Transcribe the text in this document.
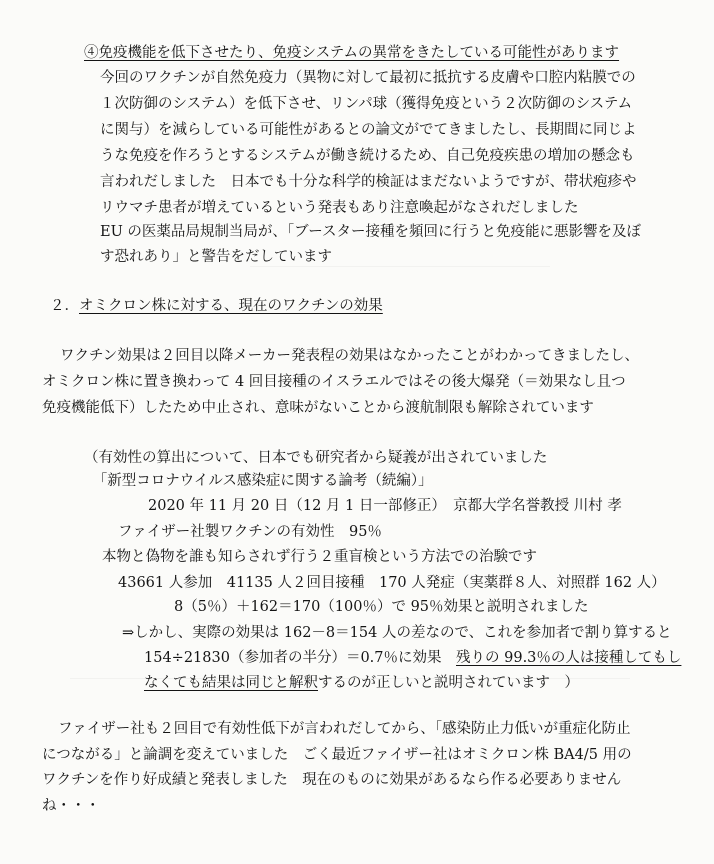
④免疫機能を低下させたり、免疫システムの異常をきたしている可能性があります
今回のワクチンが自然免疫力（異物に対して最初に抵抗する皮膚や口腔内粘膜での
１次防御のシステム）を低下させ、リンパ球（獲得免疫という２次防御のシステム
に関与）を減らしている可能性があるとの論文がでてきましたし、長期間に同じよ
うな免疫を作ろうとするシステムが働き続けるため、自己免疫疾患の増加の懸念も
言われだしました　日本でも十分な科学的検証はまだないようですが、帯状疱疹や
リウマチ患者が増えているという発表もあり注意喚起がなされだしました
EU の医薬品局規制当局が、｢ブースター接種を頻回に行うと免疫能に悪影響を及ぼ
す恐れあり」と警告をだしています
２．オミクロン株に対する、現在のワクチンの効果
ワクチン効果は２回目以降メーカー発表程の効果はなかったことがわかってきましたし、
オミクロン株に置き換わって 4 回目接種のイスラエルではその後大爆発（＝効果なし且つ
免疫機能低下）したため中止され、意味がないことから渡航制限も解除されています
（有効性の算出について、日本でも研究者から疑義が出されていました
｢新型コロナウイルス感染症に関する論考（続編）」
2020 年 11 月 20 日（12 月 1 日一部修正）　京都大学名誉教授 川村 孝
ファイザー社製ワクチンの有効性　95％
本物と偽物を誰も知らされず行う２重盲検という方法での治験です
43661 人参加　41135 人２回目接種　170 人発症（実薬群８人、対照群 162 人）
8（5％）＋162＝170（100％）で 95％効果と説明されました
⇒しかし、実際の効果は 162－8＝154 人の差なので、これを参加者で割り算すると
154÷21830（参加者の半分）＝0.7％に効果　残りの 99.3％の人は接種してもし
なくても結果は同じと解釈するのが正しいと説明されています　）
ファイザー社も２回目で有効性低下が言われだしてから、｢感染防止力低いが重症化防止
につながる」と論調を変えていました　ごく最近ファイザー社はオミクロン株 BA4/5 用の
ワクチンを作り好成績と発表しました　現在のものに効果があるなら作る必要ありません
ね・・・
